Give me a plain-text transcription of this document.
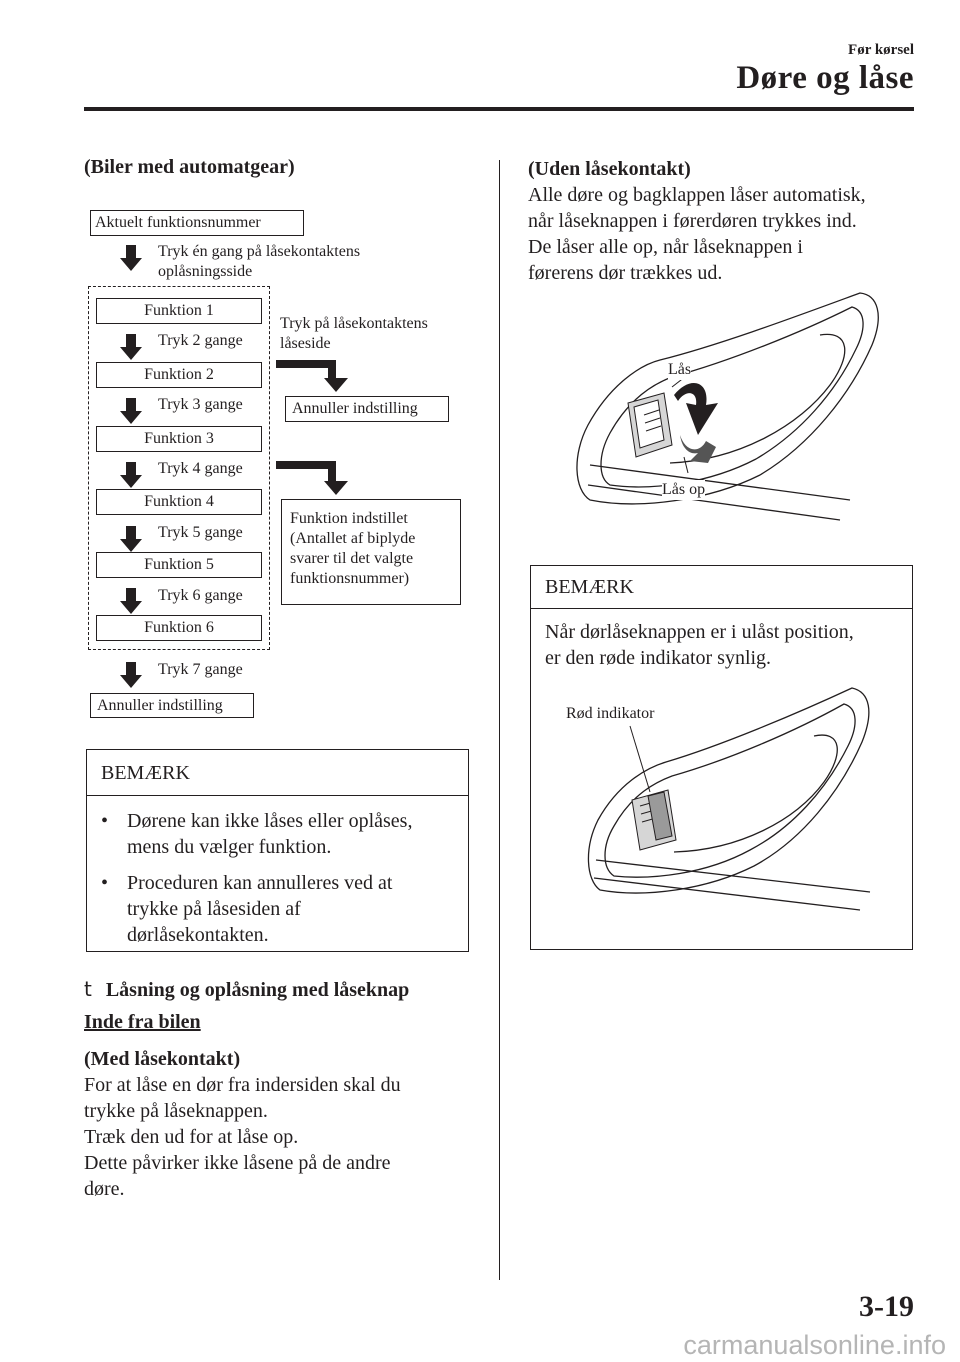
Før kørsel
Døre og låse
(Biler med automatgear)
Aktuelt funktionsnummer
Tryk én gang på låsekontaktens
oplåsningsside
Funktion 1
Tryk 2 gange
Funktion 2
Tryk 3 gange
Funktion 3
Tryk 4 gange
Funktion 4
Tryk 5 gange
Funktion 5
Tryk 6 gange
Funktion 6
Tryk 7 gange
Annuller indstilling
Tryk på låsekontaktens
låseside
Annuller indstilling
Funktion indstillet
(Antallet af biplyde
svarer til det valgte
funktionsnummer)
BEMÆRK
• Dørene kan ikke låses eller oplåses,
mens du vælger funktion.
• Proceduren kan annulleres ved at
trykke på låsesiden af
dørlåsekontakten.
t Låsning og oplåsning med låseknap
Inde fra bilen
(Med låsekontakt)
For at låse en dør fra indersiden skal du
trykke på låseknappen.
Træk den ud for at låse op.
Dette påvirker ikke låsene på de andre
døre.
(Uden låsekontakt)
Alle døre og bagklappen låser automatisk,
når låseknappen i førerdøren trykkes ind.
De låser alle op, når låseknappen i
førerens dør trækkes ud.
Lås
Lås op
BEMÆRK
Når dørlåseknappen er i ulåst position,
er den røde indikator synlig.
Rød indikator
3-19
carmanualsonline.info
